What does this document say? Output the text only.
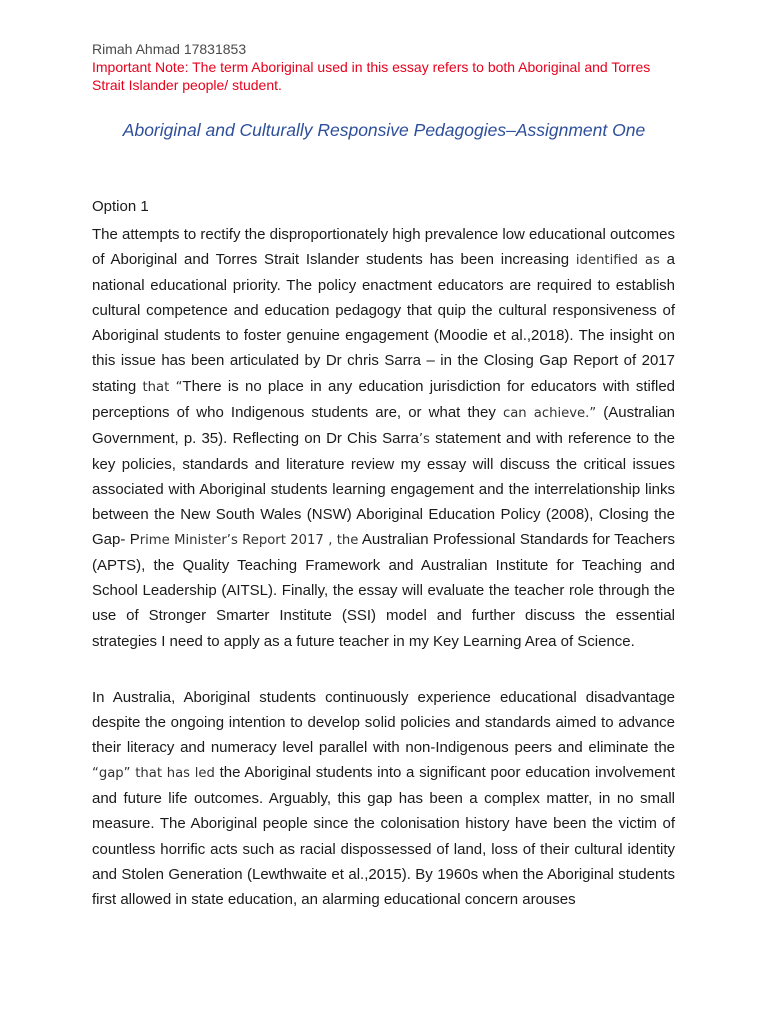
Rimah Ahmad 17831853
Important Note: The term Aboriginal used in this essay refers to both Aboriginal and Torres Strait Islander people/ student.
Aboriginal and Culturally Responsive Pedagogies–Assignment One
Option 1
The attempts to rectify the disproportionately high prevalence low educational outcomes of Aboriginal and Torres Strait Islander students has been increasing identified as a national educational priority. The policy enactment educators are required to establish cultural competence and education pedagogy that quip the cultural responsiveness of Aboriginal students to foster genuine engagement (Moodie et al.,2018). The insight on this issue has been articulated by Dr chris Sarra – in the Closing Gap Report of 2017 stating that “There is no place in any education jurisdiction for educators with stifled perceptions of who Indigenous students are, or what they can achieve.” (Australian Government, p. 35). Reflecting on Dr Chis Sarra’s statement and with reference to the key policies, standards and literature review my essay will discuss the critical issues associated with Aboriginal students learning engagement and the interrelationship links between the New South Wales (NSW) Aboriginal Education Policy (2008), Closing the Gap- Prime Minister’s Report 2017 , the Australian Professional Standards for Teachers (APTS), the Quality Teaching Framework and Australian Institute for Teaching and School Leadership (AITSL). Finally, the essay will evaluate the teacher role through the use of Stronger Smarter Institute (SSI) model and further discuss the essential strategies I need to apply as a future teacher in my Key Learning Area of Science.
In Australia, Aboriginal students continuously experience educational disadvantage despite the ongoing intention to develop solid policies and standards aimed to advance their literacy and numeracy level parallel with non-Indigenous peers and eliminate the “gap” that has led the Aboriginal students into a significant poor education involvement and future life outcomes. Arguably, this gap has been a complex matter, in no small measure. The Aboriginal people since the colonisation history have been the victim of countless horrific acts such as racial dispossessed of land, loss of their cultural identity and Stolen Generation (Lewthwaite et al.,2015). By 1960s when the Aboriginal students first allowed in state education, an alarming educational concern arouses
